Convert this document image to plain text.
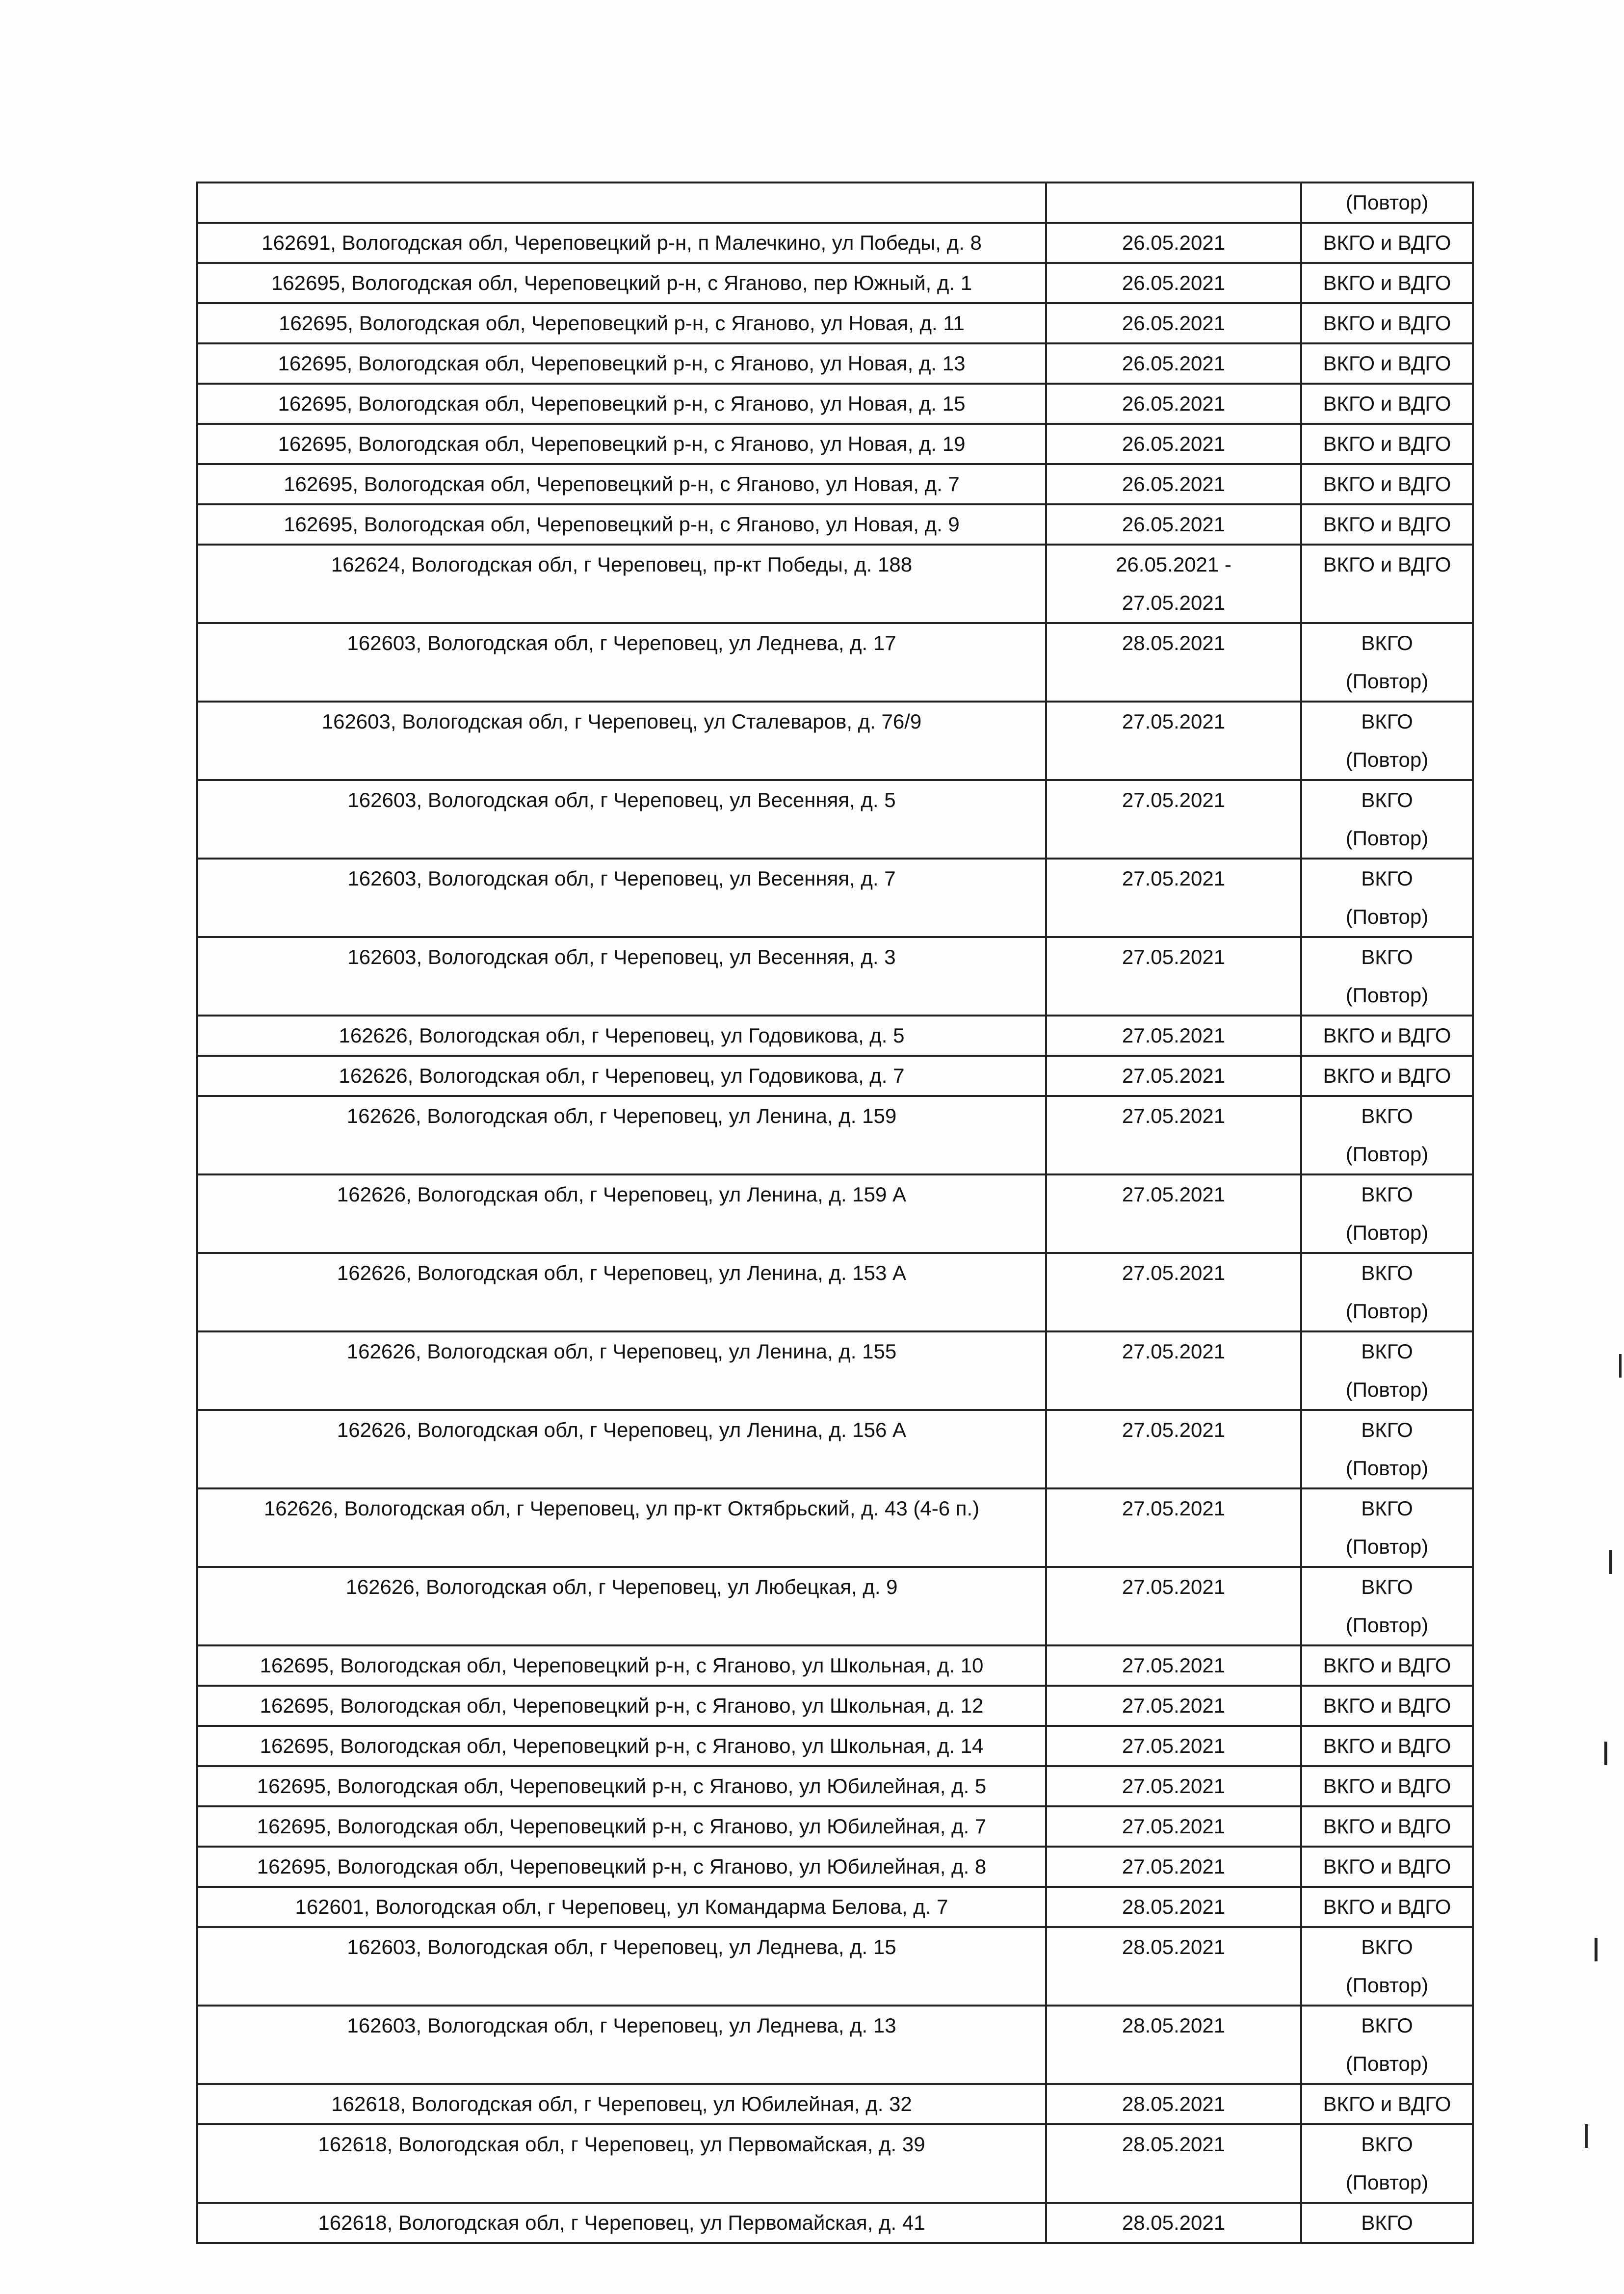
		(Повтор)

162691, Вологодская обл, Череповецкий р-н, п Малечкино, ул Победы, д. 8	26.05.2021	ВКГО и ВДГО

162695, Вологодская обл, Череповецкий р-н, с Яганово, пер Южный, д. 1	26.05.2021	ВКГО и ВДГО

162695, Вологодская обл, Череповецкий р-н, с Яганово, ул Новая, д. 11	26.05.2021	ВКГО и ВДГО

162695, Вологодская обл, Череповецкий р-н, с Яганово, ул Новая, д. 13	26.05.2021	ВКГО и ВДГО

162695, Вологодская обл, Череповецкий р-н, с Яганово, ул Новая, д. 15	26.05.2021	ВКГО и ВДГО

162695, Вологодская обл, Череповецкий р-н, с Яганово, ул Новая, д. 19	26.05.2021	ВКГО и ВДГО

162695, Вологодская обл, Череповецкий р-н, с Яганово, ул Новая, д. 7	26.05.2021	ВКГО и ВДГО

162695, Вологодская обл, Череповецкий р-н, с Яганово, ул Новая, д. 9	26.05.2021	ВКГО и ВДГО

162624, Вологодская обл, г Череповец, пр-кт Победы, д. 188	26.05.2021 -
27.05.2021	ВКГО и ВДГО

162603, Вологодская обл, г Череповец, ул Леднева, д. 17	28.05.2021	ВКГО
(Повтор)

162603, Вологодская обл, г Череповец, ул Сталеваров, д. 76/9	27.05.2021	ВКГО
(Повтор)

162603, Вологодская обл, г Череповец, ул Весенняя, д. 5	27.05.2021	ВКГО
(Повтор)

162603, Вологодская обл, г Череповец, ул Весенняя, д. 7	27.05.2021	ВКГО
(Повтор)

162603, Вологодская обл, г Череповец, ул Весенняя, д. 3	27.05.2021	ВКГО
(Повтор)

162626, Вологодская обл, г Череповец, ул Годовикова, д. 5	27.05.2021	ВКГО и ВДГО

162626, Вологодская обл, г Череповец, ул Годовикова, д. 7	27.05.2021	ВКГО и ВДГО

162626, Вологодская обл, г Череповец, ул Ленина, д. 159	27.05.2021	ВКГО
(Повтор)

162626, Вологодская обл, г Череповец, ул Ленина, д. 159 А	27.05.2021	ВКГО
(Повтор)

162626, Вологодская обл, г Череповец, ул Ленина, д. 153 А	27.05.2021	ВКГО
(Повтор)

162626, Вологодская обл, г Череповец, ул Ленина, д. 155	27.05.2021	ВКГО
(Повтор)

162626, Вологодская обл, г Череповец, ул Ленина, д. 156 А	27.05.2021	ВКГО
(Повтор)

162626, Вологодская обл, г Череповец, ул пр-кт Октябрьский, д. 43 (4-6 п.)	27.05.2021	ВКГО
(Повтор)

162626, Вологодская обл, г Череповец, ул Любецкая, д. 9	27.05.2021	ВКГО
(Повтор)

162695, Вологодская обл, Череповецкий р-н, с Яганово, ул Школьная, д. 10	27.05.2021	ВКГО и ВДГО

162695, Вологодская обл, Череповецкий р-н, с Яганово, ул Школьная, д. 12	27.05.2021	ВКГО и ВДГО

162695, Вологодская обл, Череповецкий р-н, с Яганово, ул Школьная, д. 14	27.05.2021	ВКГО и ВДГО

162695, Вологодская обл, Череповецкий р-н, с Яганово, ул Юбилейная, д. 5	27.05.2021	ВКГО и ВДГО

162695, Вологодская обл, Череповецкий р-н, с Яганово, ул Юбилейная, д. 7	27.05.2021	ВКГО и ВДГО

162695, Вологодская обл, Череповецкий р-н, с Яганово, ул Юбилейная, д. 8	27.05.2021	ВКГО и ВДГО

162601, Вологодская обл, г Череповец, ул Командарма Белова, д. 7	28.05.2021	ВКГО и ВДГО

162603, Вологодская обл, г Череповец, ул Леднева, д. 15	28.05.2021	ВКГО
(Повтор)

162603, Вологодская обл, г Череповец, ул Леднева, д. 13	28.05.2021	ВКГО
(Повтор)

162618, Вологодская обл, г Череповец, ул Юбилейная, д. 32	28.05.2021	ВКГО и ВДГО

162618, Вологодская обл, г Череповец, ул Первомайская, д. 39	28.05.2021	ВКГО
(Повтор)

162618, Вологодская обл, г Череповец, ул Первомайская, д. 41	28.05.2021	ВКГО
